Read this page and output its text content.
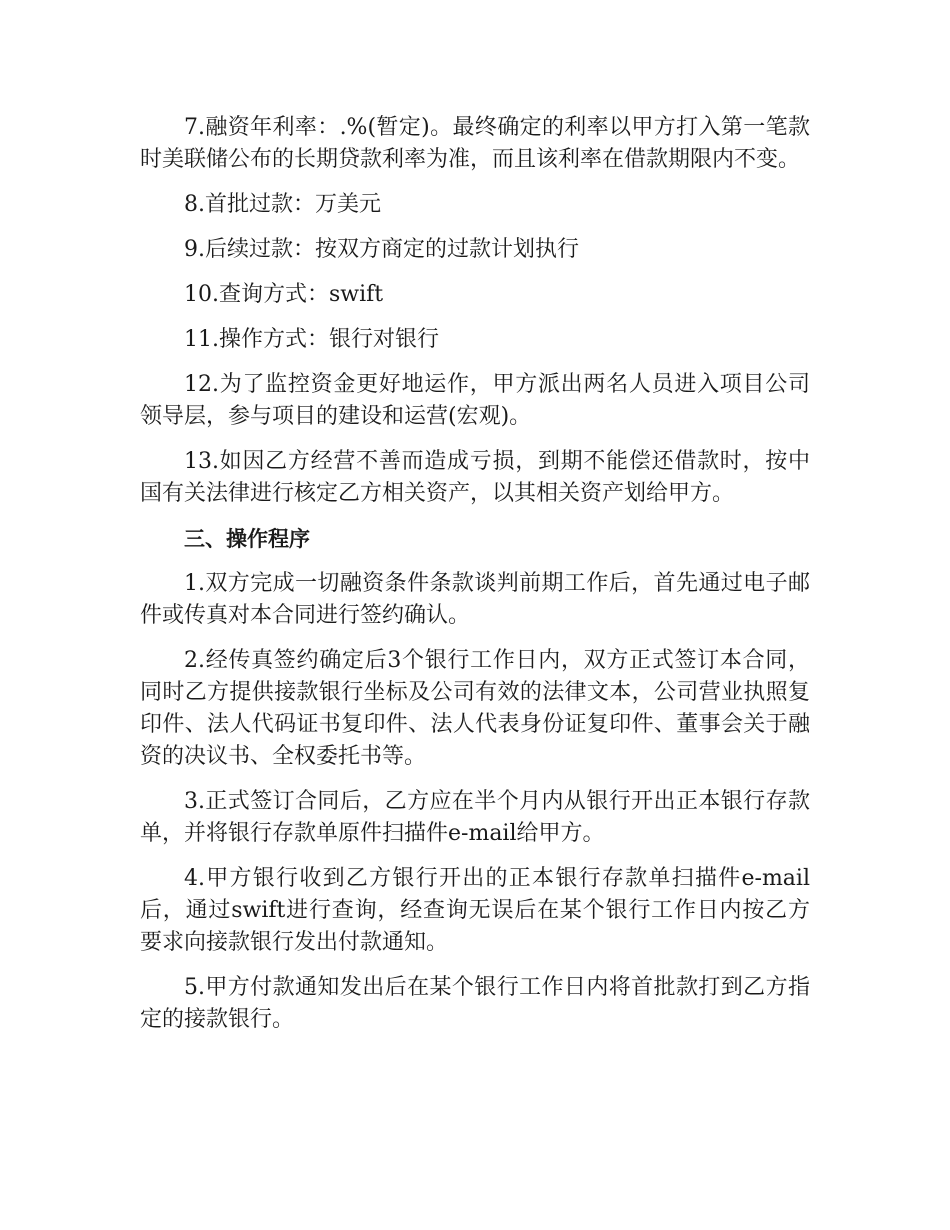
7.融资年利率：.%(暂定)。最终确定的利率以甲方打入第一笔款时美联储公布的长期贷款利率为准，而且该利率在借款期限内不变。

8.首批过款：万美元

9.后续过款：按双方商定的过款计划执行

10.查询方式：swift

11.操作方式：银行对银行

12.为了监控资金更好地运作，甲方派出两名人员进入项目公司领导层，参与项目的建设和运营(宏观)。

13.如因乙方经营不善而造成亏损，到期不能偿还借款时，按中国有关法律进行核定乙方相关资产，以其相关资产划给甲方。

三、操作程序

1.双方完成一切融资条件条款谈判前期工作后，首先通过电子邮件或传真对本合同进行签约确认。

2.经传真签约确定后3个银行工作日内，双方正式签订本合同，同时乙方提供接款银行坐标及公司有效的法律文本，公司营业执照复印件、法人代码证书复印件、法人代表身份证复印件、董事会关于融资的决议书、全权委托书等。

3.正式签订合同后，乙方应在半个月内从银行开出正本银行存款单，并将银行存款单原件扫描件e-mail给甲方。

4.甲方银行收到乙方银行开出的正本银行存款单扫描件e-mail后，通过swift进行查询，经查询无误后在某个银行工作日内按乙方要求向接款银行发出付款通知。

5.甲方付款通知发出后在某个银行工作日内将首批款打到乙方指定的接款银行。
